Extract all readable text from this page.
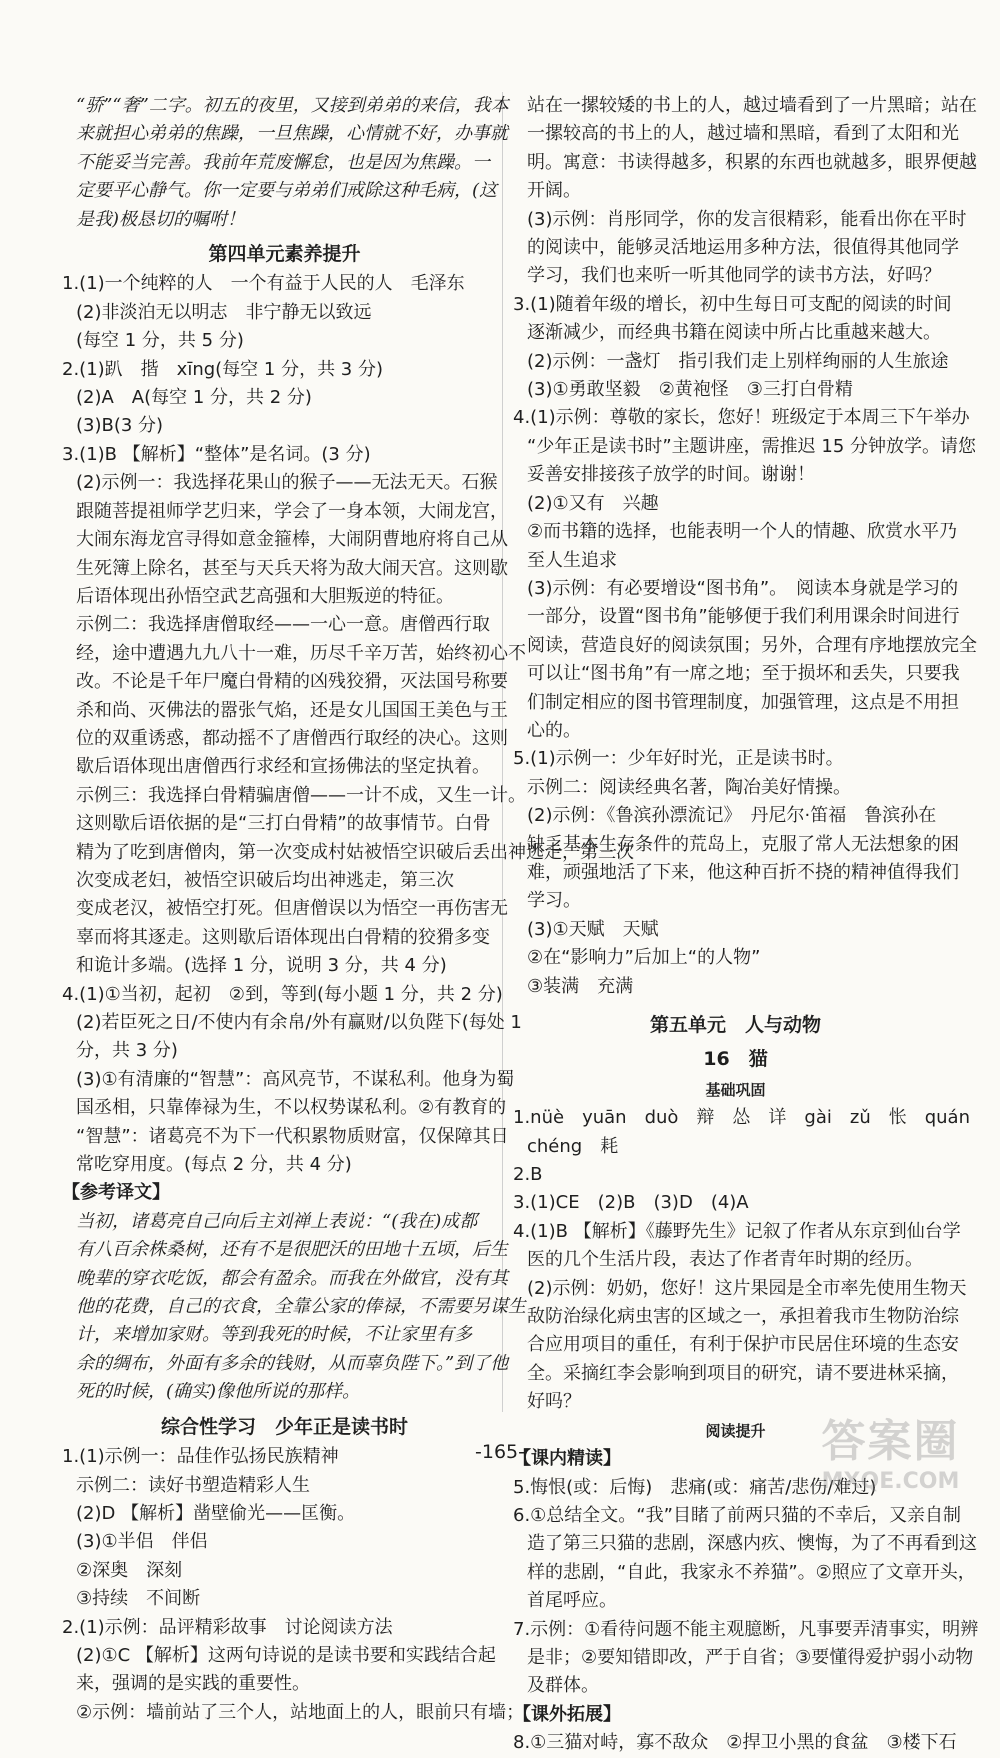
“骄”“奢”二字。初五的夜里，又接到弟弟的来信，我本
来就担心弟弟的焦躁，一旦焦躁，心情就不好，办事就
不能妥当完善。我前年荒废懈怠，也是因为焦躁。一
定要平心静气。你一定要与弟弟们戒除这种毛病，(这
是我)极恳切的嘱咐！
第四单元素养提升
1.(1)一个纯粹的人　一个有益于人民的人　毛泽东
(2)非淡泊无以明志　非宁静无以致远
(每空 1 分，共 5 分)
2.(1)趴　揩　xīng(每空 1 分，共 3 分)
(2)A　A(每空 1 分，共 2 分)
(3)B(3 分)
3.(1)B 【解析】“整体”是名词。(3 分)
(2)示例一：我选择花果山的猴子——无法无天。石猴
跟随菩提祖师学艺归来，学会了一身本领，大闹龙宫，
大闹东海龙宫寻得如意金箍棒，大闹阴曹地府将自己从
生死簿上除名，甚至与天兵天将为敌大闹天宫。这则歇
后语体现出孙悟空武艺高强和大胆叛逆的特征。
示例二：我选择唐僧取经——一心一意。唐僧西行取
经，途中遭遇九九八十一难，历尽千辛万苦，始终初心不
改。不论是千年尸魔白骨精的凶残狡猾，灭法国号称要
杀和尚、灭佛法的嚣张气焰，还是女儿国国王美色与王
位的双重诱惑，都动摇不了唐僧西行取经的决心。这则
歇后语体现出唐僧西行求经和宣扬佛法的坚定执着。
示例三：我选择白骨精骗唐僧——一计不成，又生一计。
这则歇后语依据的是“三打白骨精”的故事情节。白骨
精为了吃到唐僧肉，第一次变成村姑被悟空识破后丢出神逃走，第三次
次变成老妇，被悟空识破后均出神逃走，第三次
变成老汉，被悟空打死。但唐僧误以为悟空一再伤害无
辜而将其逐走。这则歇后语体现出白骨精的狡猾多变
和诡计多端。(选择 1 分，说明 3 分，共 4 分)
4.(1)①当初，起初　②到，等到(每小题 1 分，共 2 分)
(2)若臣死之日/不使内有余帛/外有赢财/以负陛下(每处 1
分，共 3 分)
(3)①有清廉的“智慧”：高风亮节，不谋私利。他身为蜀
国丞相，只靠俸禄为生，不以权势谋私利。②有教育的
“智慧”：诸葛亮不为下一代积累物质财富，仅保障其日
常吃穿用度。(每点 2 分，共 4 分)
【参考译文】
当初，诸葛亮自己向后主刘禅上表说：“(我在)成都
有八百余株桑树，还有不是很肥沃的田地十五顷，后生
晚辈的穿衣吃饭，都会有盈余。而我在外做官，没有其
他的花费，自己的衣食，全靠公家的俸禄，不需要另谋生
计，来增加家财。等到我死的时候，不让家里有多
余的绸布，外面有多余的钱财，从而辜负陛下。”到了他
死的时候，(确实)像他所说的那样。
综合性学习　少年正是读书时
1.(1)示例一：品佳作弘扬民族精神
示例二：读好书塑造精彩人生
(2)D 【解析】凿壁偷光——匡衡。
(3)①半侣　伴侣
②深奥　深刻
③持续　不间断
2.(1)示例：品评精彩故事　讨论阅读方法
(2)①C 【解析】这两句诗说的是读书要和实践结合起
来，强调的是实践的重要性。
②示例：墙前站了三个人，站地面上的人，眼前只有墙；
站在一摞较矮的书上的人，越过墙看到了一片黑暗；站在
一摞较高的书上的人，越过墙和黑暗，看到了太阳和光
明。寓意：书读得越多，积累的东西也就越多，眼界便越
开阔。
(3)示例：肖彤同学，你的发言很精彩，能看出你在平时
的阅读中，能够灵活地运用多种方法，很值得其他同学
学习，我们也来听一听其他同学的读书方法，好吗？
3.(1)随着年级的增长，初中生每日可支配的阅读的时间
逐渐减少，而经典书籍在阅读中所占比重越来越大。
(2)示例：一盏灯　指引我们走上别样绚丽的人生旅途
(3)①勇敢坚毅　②黄袍怪　③三打白骨精
4.(1)示例：尊敬的家长，您好！班级定于本周三下午举办
“少年正是读书时”主题讲座，需推迟 15 分钟放学。请您
妥善安排接孩子放学的时间。谢谢！
(2)①又有　兴趣
②而书籍的选择，也能表明一个人的情趣、欣赏水平乃
至人生追求
(3)示例：有必要增设“图书角”。　阅读本身就是学习的
一部分，设置“图书角”能够便于我们利用课余时间进行
阅读，营造良好的阅读氛围；另外，合理有序地摆放完全
可以让“图书角”有一席之地；至于损坏和丢失，只要我
们制定相应的图书管理制度，加强管理，这点是不用担
心的。
5.(1)示例一：少年好时光，正是读书时。
示例二：阅读经典名著，陶冶美好情操。
(2)示例：《鲁滨孙漂流记》　丹尼尔·笛福　鲁滨孙在
缺乏基本生存条件的荒岛上，克服了常人无法想象的困
难，顽强地活了下来，他这种百折不挠的精神值得我们
学习。
(3)①天赋　天赋
②在“影响力”后加上“的人物”
③装满　充满
第五单元　人与动物
16　猫
基础巩固
1.nüè　yuān　duò　辩　怂　详　gài　zǔ　怅　quán
chéng　耗
2.B
3.(1)CE　(2)B　(3)D　(4)A
4.(1)B 【解析】《藤野先生》记叙了作者从东京到仙台学
医的几个生活片段，表达了作者青年时期的经历。
(2)示例：奶奶，您好！这片果园是全市率先使用生物天
敌防治绿化病虫害的区域之一，承担着我市生物防治综
合应用项目的重任，有利于保护市民居住环境的生态安
全。采摘红李会影响到项目的研究，请不要进林采摘，
好吗？
阅读提升
【课内精读】
5.悔恨(或：后悔)　悲痛(或：痛苦/悲伤/难过)
6.①总结全文。“我”目睹了前两只猫的不幸后，又亲自制
造了第三只猫的悲剧，深感内疚、懊悔，为了不再看到这
样的悲剧，“自此，我家永不养猫”。②照应了文章开头，
首尾呼应。
7.示例：①看待问题不能主观臆断，凡事要弄清事实，明辨
是非；②要知错即改，严于自省；③要懂得爱护弱小动物
及群体。
【课外拓展】
8.①三猫对峙，寡不敌众　②捍卫小黑的食盆　③楼下石
-165-	答案圈
MXQE.COM
